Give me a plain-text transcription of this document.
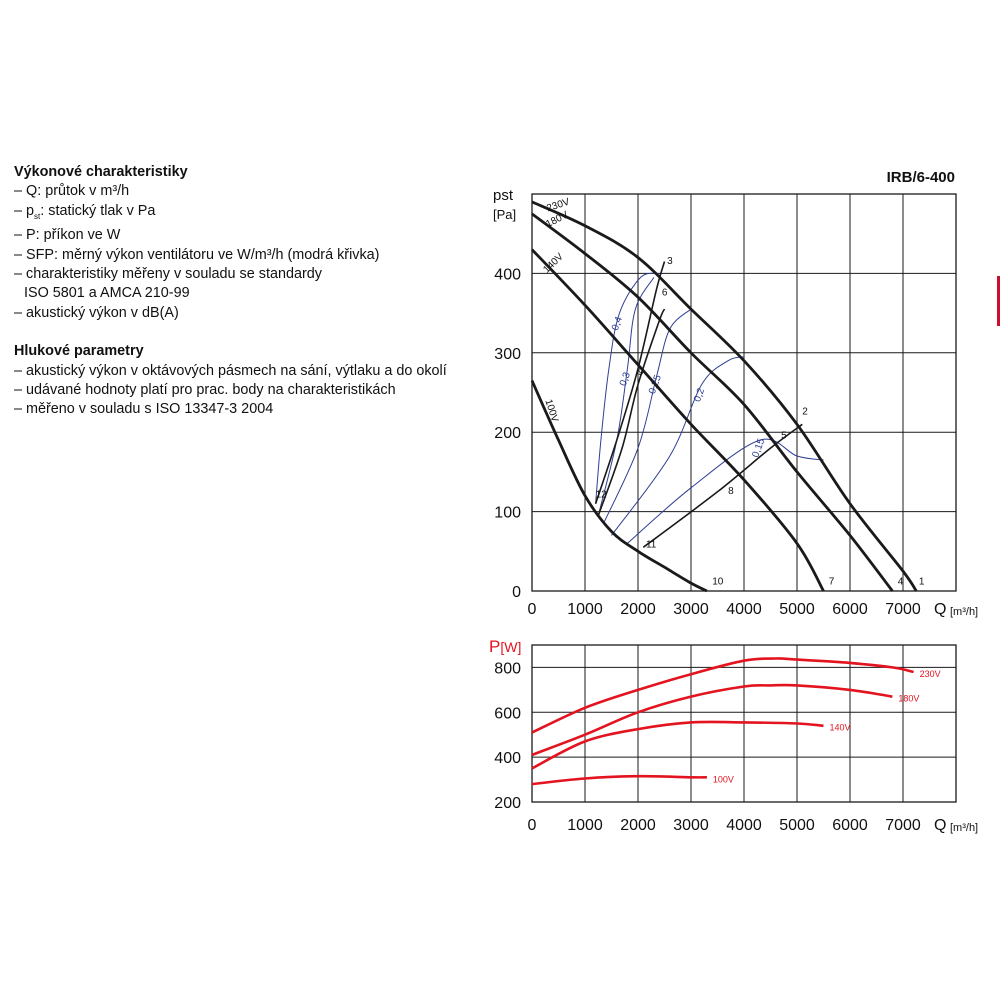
Výkonové charakteristiky
– Q: průtok v m³/h
– $p_{st}$: statický tlak v Pa
– P: příkon ve W
– SFP: měrný výkon ventilátoru ve W/m³/h (modrá křivka)
– charakteristiky měřeny v souladu se standardy
ISO 5801 a AMCA 210-99
– akustický výkon v dB(A)
Hlukové parametry
– akustický výkon v oktávových pásmech na sání, výtlaku a do okolí
– udávané hodnoty platí pro prac. body na charakteristikách
– měřeno v souladu s ISO 13347-3 2004
IRB/6-400
pst
[Pa]
0
100
200
300
400
0 1000 2000 3000 4000 5000 6000 7000 Q [m³/h]
0,4
0,3 0,25	0,2
0,15
230V
180V
140V
100V
1
2
3
4
5
6
7
8
9
10
11
12
P[W]
200
400
600
800
0 1000 2000 3000 4000 5000 6000 7000 Q [m³/h]
230V
180V
140V
100V
